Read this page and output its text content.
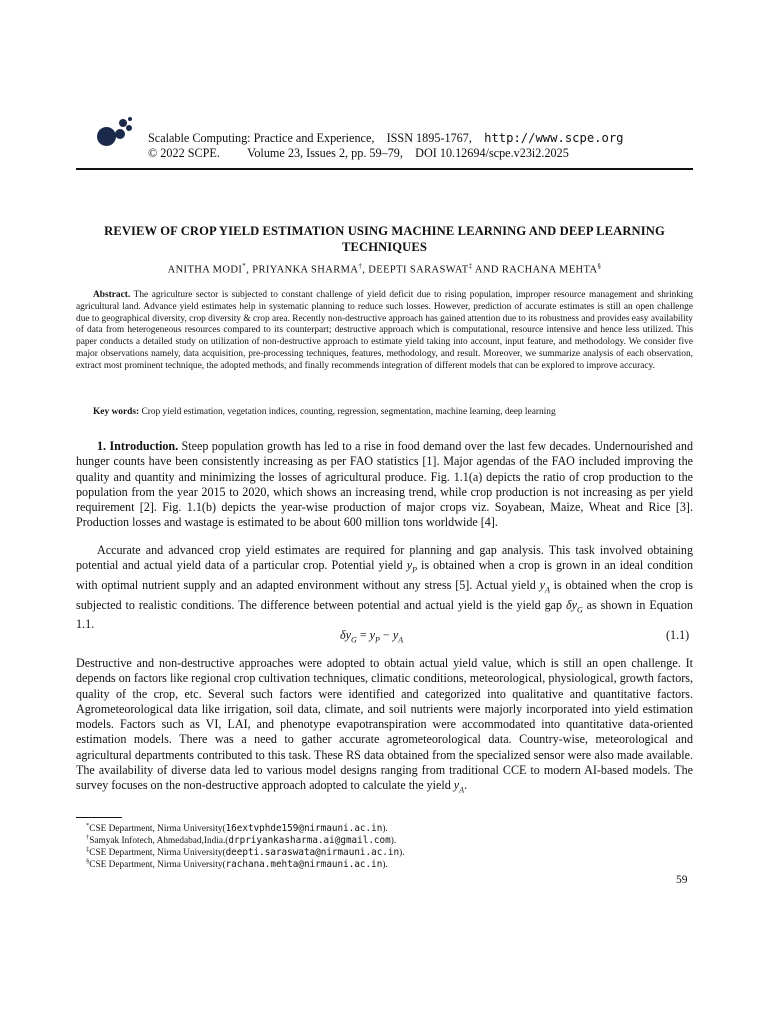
Scalable Computing: Practice and Experience, ISSN 1895-1767, http://www.scpe.org
© 2022 SCPE. Volume 23, Issues 2, pp. 59–79, DOI 10.12694/scpe.v23i2.2025
REVIEW OF CROP YIELD ESTIMATION USING MACHINE LEARNING AND DEEP LEARNING TECHNIQUES
ANITHA MODI*, PRIYANKA SHARMA†, DEEPTI SARASWAT‡ AND RACHANA MEHTA§
Abstract. The agriculture sector is subjected to constant challenge of yield deficit due to rising population, improper resource management and shrinking agricultural land. Advance yield estimates help in systematic planning to reduce such losses. However, prediction of accurate estimates is still an open challenge due to geographical diversity, crop diversity & crop area. Recently non-destructive approach has gained attention due to its robustness and provides easy availability of data from heterogeneous resources compared to its counterpart; destructive approach which is computational, resource intensive and hence less utilized. This paper conducts a detailed study on utilization of non-destructive approach to estimate yield taking into account, input feature, and methodology. We consider five major observations namely, data acquisition, pre-processing techniques, features, methodology, and result. Moreover, we summarize analysis of each observation, extract most prominent technique, the adopted methods, and finally recommends integration of different models that can be explored to improve accuracy.
Key words: Crop yield estimation, vegetation indices, counting, regression, segmentation, machine learning, deep learning
1. Introduction. Steep population growth has led to a rise in food demand over the last few decades. Undernourished and hunger counts have been consistently increasing as per FAO statistics [1]. Major agendas of the FAO included improving the quality and quantity and minimizing the losses of agricultural produce. Fig. 1.1(a) depicts the ratio of crop production to the population from the year 2015 to 2020, which shows an increasing trend, while crop production is not increasing as per yield requirement [2]. Fig. 1.1(b) depicts the year-wise production of major crops viz. Soyabean, Maize, Wheat and Rice [3]. Production losses and wastage is estimated to be about 600 million tons worldwide [4].
Accurate and advanced crop yield estimates are required for planning and gap analysis. This task involved obtaining potential and actual yield data of a particular crop. Potential yield $y_P$ is obtained when a crop is grown in an ideal condition with optimal nutrient supply and an adapted environment without any stress [5]. Actual yield $y_A$ is obtained when the crop is subjected to realistic conditions. The difference between potential and actual yield is the yield gap $\delta y_G$ as shown in Equation 1.1.
$\delta y_G = y_P - y_A$	(1.1)
Destructive and non-destructive approaches were adopted to obtain actual yield value, which is still an open challenge. It depends on factors like regional crop cultivation techniques, climatic conditions, meteorological, physiological, growth factors, quality of the crop, etc. Several such factors were identified and categorized into qualitative and quantitative factors. Agrometeorological data like irrigation, soil data, climate, and soil nutrients were majorly incorporated into yield estimation models. Factors such as VI, LAI, and phenotype evapotranspiration were accommodated into quantitative data-oriented estimation models. There was a need to gather accurate agrometeorological data. Country-wise, meteorological and agricultural departments contributed to this task. These RS data obtained from the specialized sensor were also made available. The availability of diverse data led to various model designs ranging from traditional CCE to modern AI-based models. The survey focuses on the non-destructive approach adopted to calculate the yield $y_A$.
*CSE Department, Nirma University(16extvphde159@nirmauni.ac.in).
†Samyak Infotech, Ahmedabad,India.(drpriyankasharma.ai@gmail.com).
‡CSE Department, Nirma University(deepti.saraswata@nirmauni.ac.in).
§CSE Department, Nirma University(rachana.mehta@nirmauni.ac.in).
59
